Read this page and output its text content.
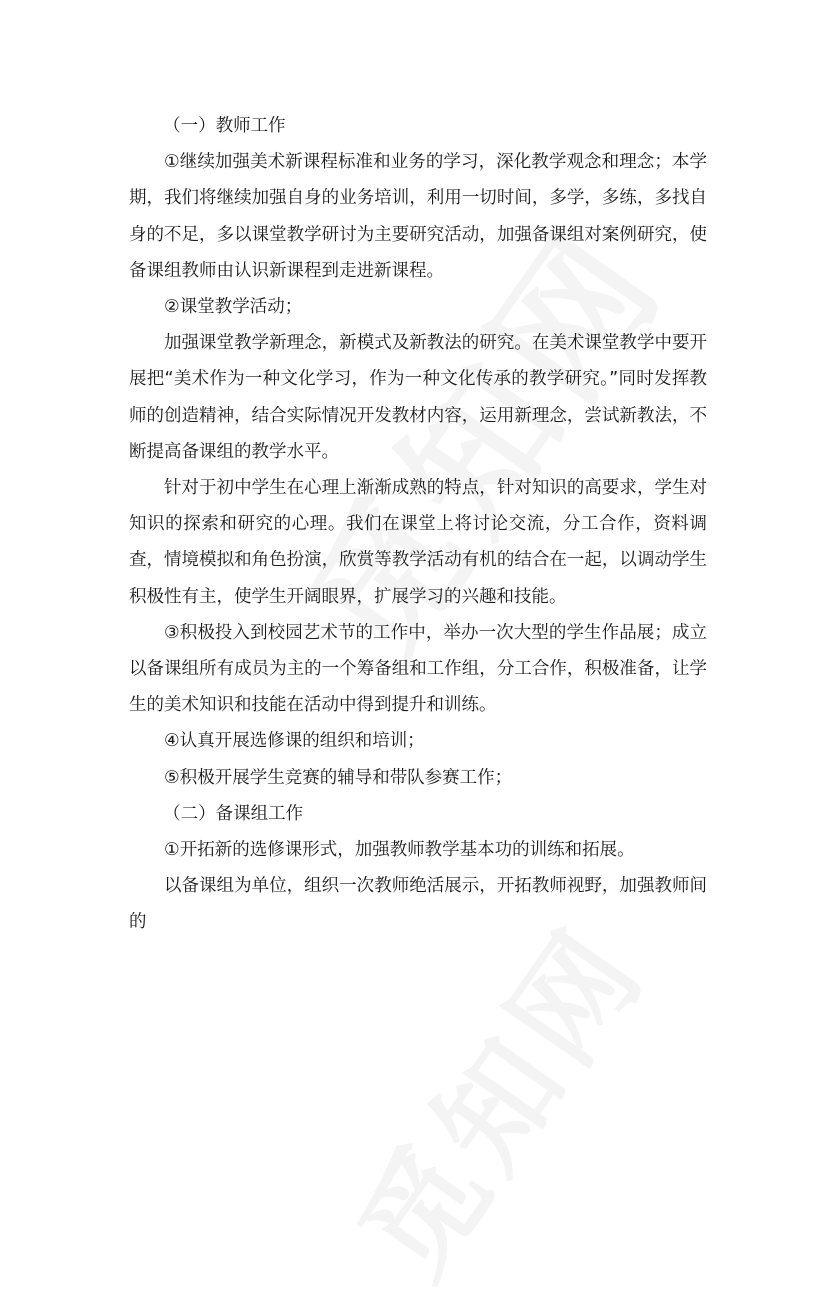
（一）教师工作

①继续加强美术新课程标准和业务的学习，深化教学观念和理念；本学期，我们将继续加强自身的业务培训，利用一切时间，多学，多练，多找自身的不足，多以课堂教学研讨为主要研究活动，加强备课组对案例研究，使备课组教师由认识新课程到走进新课程。

②课堂教学活动；

加强课堂教学新理念，新模式及新教法的研究。在美术课堂教学中要开展把“美术作为一种文化学习，作为一种文化传承的教学研究。”同时发挥教师的创造精神，结合实际情况开发教材内容，运用新理念，尝试新教法，不断提高备课组的教学水平。

针对于初中学生在心理上渐渐成熟的特点，针对知识的高要求，学生对知识的探索和研究的心理。我们在课堂上将讨论交流，分工合作，资料调查，情境模拟和角色扮演，欣赏等教学活动有机的结合在一起，以调动学生积极性有主，使学生开阔眼界，扩展学习的兴趣和技能。

③积极投入到校园艺术节的工作中，举办一次大型的学生作品展；成立以备课组所有成员为主的一个筹备组和工作组，分工合作，积极准备，让学生的美术知识和技能在活动中得到提升和训练。

④认真开展选修课的组织和培训；

⑤积极开展学生竞赛的辅导和带队参赛工作；

（二）备课组工作

①开拓新的选修课形式，加强教师教学基本功的训练和拓展。

以备课组为单位，组织一次教师绝活展示，开拓教师视野，加强教师间的
